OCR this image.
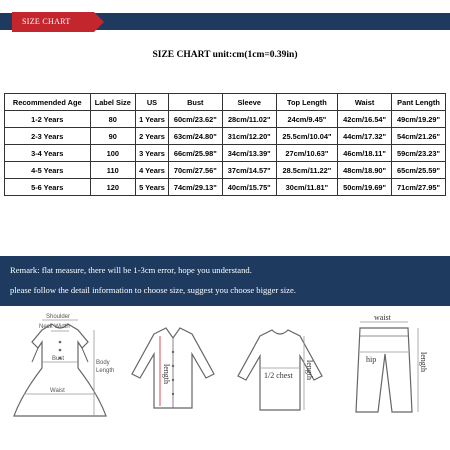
SIZE CHART
SIZE CHART unit:cm(1cm=0.39in)
Recommended Age	Label Size	US	Bust	Sleeve	Top Length	Waist	Pant Length
1-2 Years	80	1 Years	60cm/23.62"	28cm/11.02"	24cm/9.45"	42cm/16.54"	49cm/19.29"
2-3 Years	90	2 Years	63cm/24.80"	31cm/12.20"	25.5cm/10.04"	44cm/17.32"	54cm/21.26"
3-4 Years	100	3 Years	66cm/25.98"	34cm/13.39"	27cm/10.63"	46cm/18.11"	59cm/23.23"
4-5 Years	110	4 Years	70cm/27.56"	37cm/14.57"	28.5cm/11.22"	48cm/18.90"	65cm/25.59"
5-6 Years	120	5 Years	74cm/29.13"	40cm/15.75"	30cm/11.81"	50cm/19.69"	71cm/27.95"
Remark: flat measure, there will be 1-3cm error, hope you understand.
please follow the detail information to choose size, suggest you choose bigger size.
Shoulder
Neck Width
Bust
Waist
Body
Length	length	1/2 chest length
waist
hip	length
